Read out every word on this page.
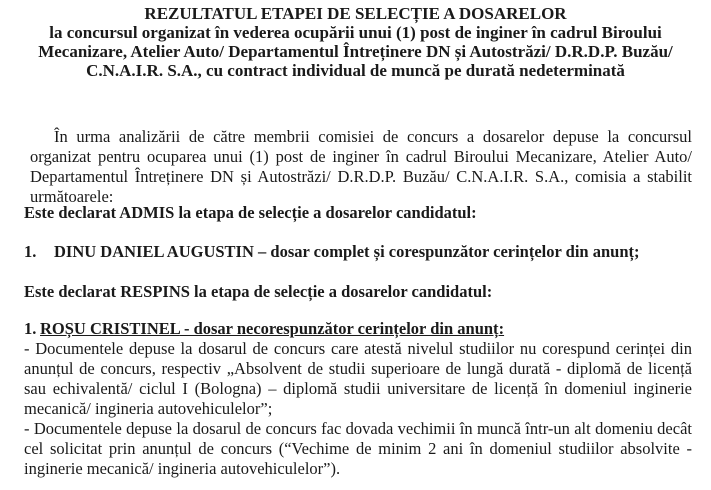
REZULTATUL ETAPEI DE SELECȚIE A DOSARELOR
la concursul organizat în vederea ocupării unui (1) post de inginer în cadrul Biroului
Mecanizare, Atelier Auto/ Departamentul Întreținere DN și Autostrăzi/ D.R.D.P. Buzău/
C.N.A.I.R. S.A., cu contract individual de muncă pe durată nedeterminată

În urma analizării de către membrii comisiei de concurs a dosarelor depuse la concursul organizat pentru ocuparea unui (1) post de inginer în cadrul Biroului Mecanizare, Atelier Auto/ Departamentul Întreținere DN și Autostrăzi/ D.R.D.P. Buzău/ C.N.A.I.R. S.A., comisia a stabilit următoarele:

Este declarat ADMIS la etapa de selecție a dosarelor candidatul:
1. DINU DANIEL AUGUSTIN – dosar complet și corespunzător cerințelor din anunț;
Este declarat RESPINS la etapa de selecție a dosarelor candidatul:
1. ROȘU CRISTINEL - dosar necorespunzător cerințelor din anunț:

- Documentele depuse la dosarul de concurs care atestă nivelul studiilor nu corespund cerinței din anunțul de concurs, respectiv „Absolvent de studii superioare de lungă durată - diplomă de licență sau echivalentă/ ciclul I (Bologna) – diplomă studii universitare de licență în domeniul inginerie mecanică/ ingineria autovehiculelor”;

- Documentele depuse la dosarul de concurs fac dovada vechimii în muncă într-un alt domeniu decât cel solicitat prin anunțul de concurs (“Vechime de minim 2 ani în domeniul studiilor absolvite -inginerie mecanică/ ingineria autovehiculelor”).
